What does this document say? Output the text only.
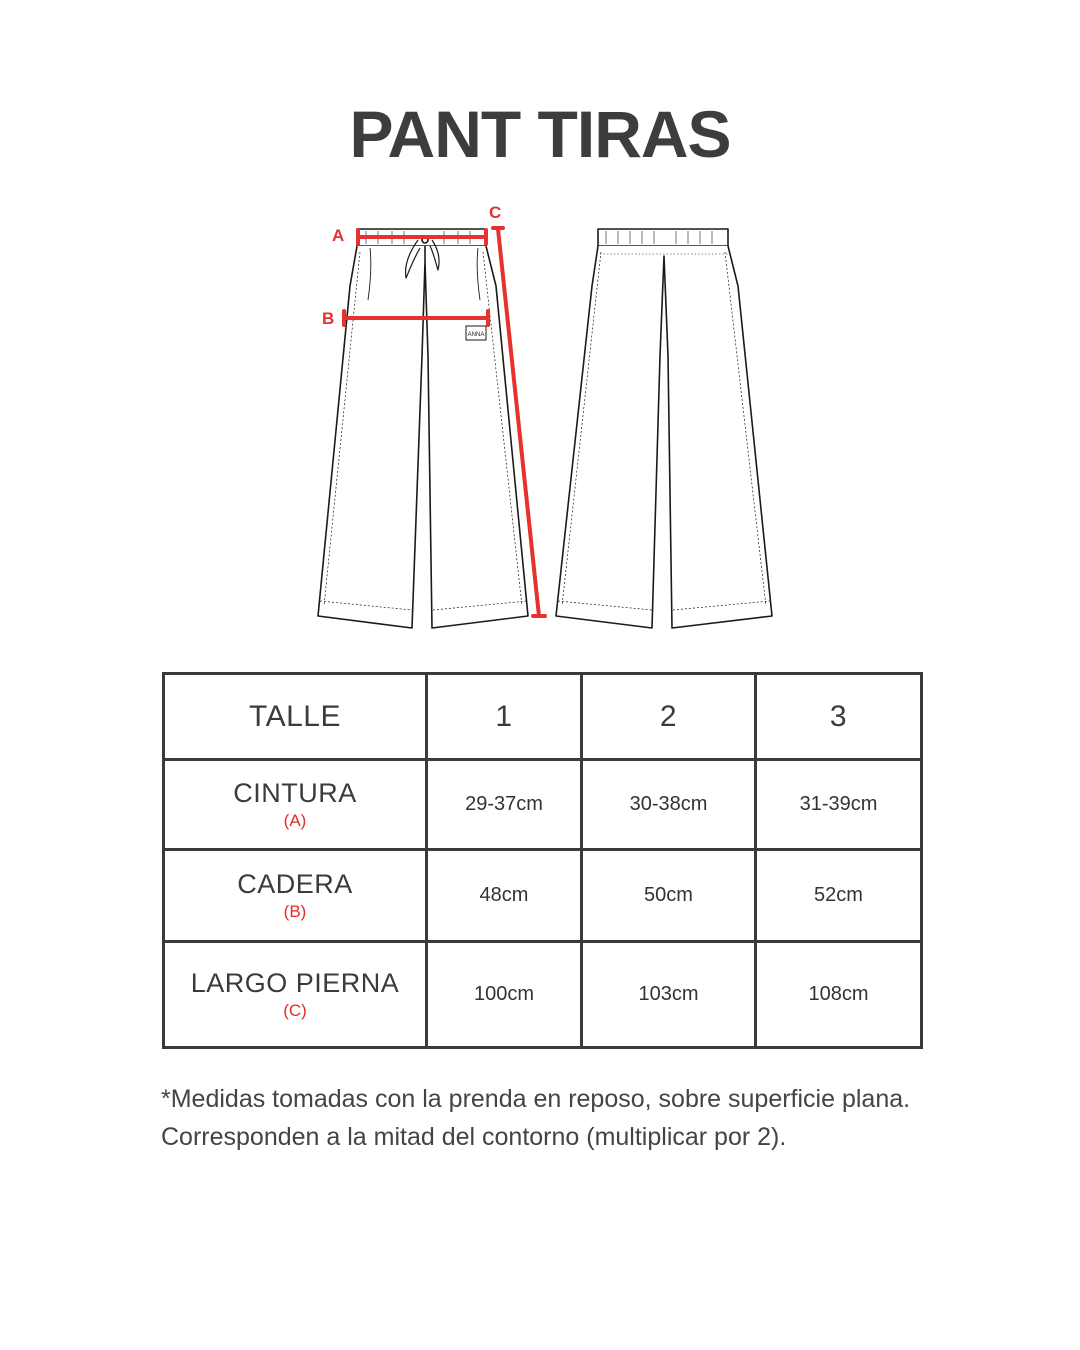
PANT TIRAS
A
B
C
ANNA
TALLE	1	2	3

CINTURA
(A)	29-37cm	30-38cm	31-39cm

CADERA
(B)	48cm	50cm	52cm

LARGO PIERNA
(C)	100cm	103cm	108cm

*Medidas tomadas con la prenda en reposo, sobre superficie plana.

Corresponden a la mitad del contorno (multiplicar por 2).
